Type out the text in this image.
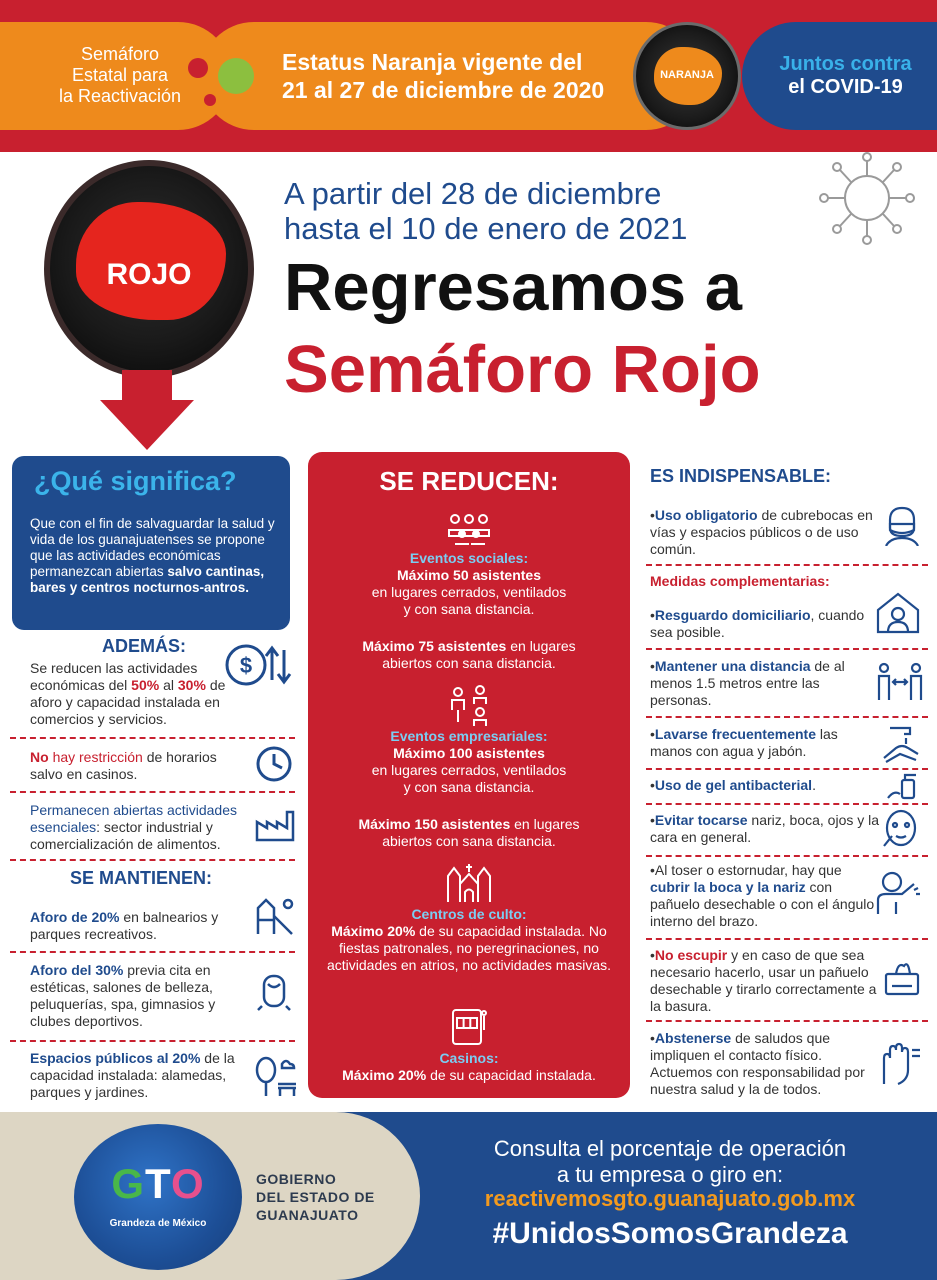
Semáforo
Estatal para
la Reactivación
Estatus Naranja vigente del
21 al 27 de diciembre de 2020
NARANJA	Juntos contra
el COVID-19
ROJO
A partir del 28 de diciembre
hasta el 10 de enero de 2021
Regresamos a
Semáforo Rojo
¿Qué significa?
Que con el fin de salvaguardar la salud y vida de los guanajuatenses se propone que las actividades económicas permanezcan abiertas salvo cantinas, bares y centros nocturnos-antros.
ADEMÁS:
Se reducen las actividades económicas del 50% al 30% de aforo y capacidad instalada en comercios y servicios.
$
No hay restricción de horarios salvo en casinos.
Permanecen abiertas actividades esenciales: sector industrial y comercialización de alimentos.
SE MANTIENEN:
Aforo de 20% en balnearios y parques recreativos.
Aforo del 30% previa cita en estéticas, salones de belleza, peluquerías, spa, gimnasios y clubes deportivos.
Espacios públicos al 20% de la capacidad instalada: alamedas, parques y jardines.
SE REDUCEN:
Eventos sociales:
Máximo 50 asistentes
en lugares cerrados, ventilados y con sana distancia.
Máximo 75 asistentes en lugares abiertos con sana distancia.
Eventos empresariales:
Máximo 100 asistentes
en lugares cerrados, ventilados y con sana distancia.
Máximo 150 asistentes en lugares abiertos con sana distancia.
Centros de culto:
Máximo 20% de su capacidad instalada. No fiestas patronales, no peregrinaciones, no actividades en atrios, no actividades masivas.
Casinos:
Máximo 20% de su capacidad instalada.
ES INDISPENSABLE:
•Uso obligatorio de cubrebocas en vías y espacios públicos o de uso común.
Medidas complementarias:
•Resguardo domiciliario, cuando sea posible.
•Mantener una distancia de al menos 1.5 metros entre las personas.
•Lavarse frecuentemente las manos con agua y jabón.
•Uso de gel antibacterial.
•Evitar tocarse nariz, boca, ojos y la cara en general.
•Al toser o estornudar, hay que cubrir la boca y la nariz con pañuelo desechable o con el ángulo interno del brazo.
•No escupir y en caso de que sea necesario hacerlo, usar un pañuelo desechable y tirarlo correctamente a la basura.
•Abstenerse de saludos que impliquen el contacto físico. Actuemos con responsabilidad por nuestra salud y la de todos.
GTO
Grandeza de México
GOBIERNO
DEL ESTADO DE
GUANAJUATO
Consulta el porcentaje de operación
a tu empresa o giro en:
reactivemosgto.guanajuato.gob.mx
#UnidosSomosGrandeza
